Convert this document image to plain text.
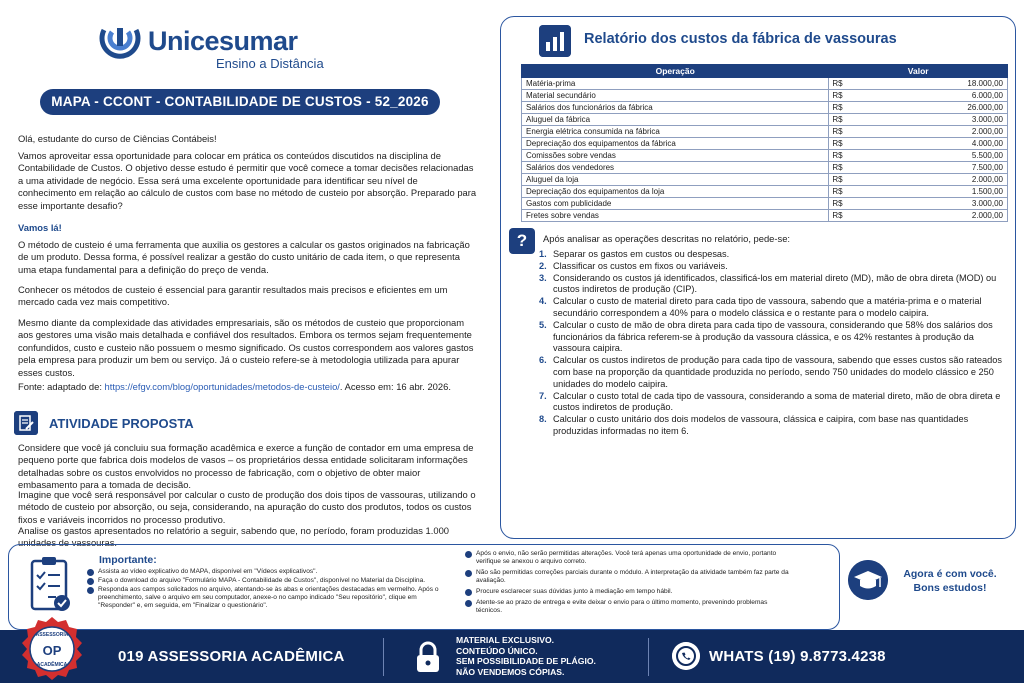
Unicesumar
Ensino a Distância
MAPA - CCONT - CONTABILIDADE DE CUSTOS - 52_2026
Olá, estudante do curso de Ciências Contábeis!
Vamos aproveitar essa oportunidade para colocar em prática os conteúdos discutidos na disciplina de Contabilidade de Custos. O objetivo desse estudo é permitir que você comece a tomar decisões relacionadas a uma atividade de negócio. Essa será uma excelente oportunidade para identificar seu nível de conhecimento em relação ao cálculo de custos com base no método de custeio por absorção. Preparado para esse importante desafio?
Vamos lá!
O método de custeio é uma ferramenta que auxilia os gestores a calcular os gastos originados na fabricação de um produto. Dessa forma, é possível realizar a gestão do custo unitário de cada item, o que representa uma etapa fundamental para a definição do preço de venda.
Conhecer os métodos de custeio é essencial para garantir resultados mais precisos e eficientes em um mercado cada vez mais competitivo.
Mesmo diante da complexidade das atividades empresariais, são os métodos de custeio que proporcionam aos gestores uma visão mais detalhada e confiável dos resultados. Embora os termos sejam frequentemente confundidos, custo e custeio não possuem o mesmo significado. Os custos correspondem aos valores gastos pela empresa para produzir um bem ou serviço. Já o custeio refere-se à metodologia utilizada para apurar esses custos.
Fonte: adaptado de: https://efgv.com/blog/oportunidades/metodos-de-custeio/. Acesso em: 16 abr. 2026.
ATIVIDADE PROPOSTA
Considere que você já concluiu sua formação acadêmica e exerce a função de contador em uma empresa de pequeno porte que fabrica dois modelos de vasos – os proprietários dessa entidade solicitaram informações detalhadas sobre os custos envolvidos no processo de fabricação, com o objetivo de obter maior embasamento para a tomada de decisão.
Imagine que você será responsável por calcular o custo de produção dos dois tipos de vassouras, utilizando o método de custeio por absorção, ou seja, considerando, na apuração do custo dos produtos, todos os custos fixos e variáveis incorridos no processo produtivo.
Analise os gastos apresentados no relatório a seguir, sabendo que, no período, foram produzidas 1.000 unidades de vassouras.
Relatório dos custos da fábrica de vassouras
Operação	Valor	
Matéria-prima	R$	18.000,00
Material secundário	R$	6.000,00
Salários dos funcionários da fábrica	R$	26.000,00
Aluguel da fábrica	R$	3.000,00
Energia elétrica consumida na fábrica	R$	2.000,00
Depreciação dos equipamentos da fábrica	R$	4.000,00
Comissões sobre vendas	R$	5.500,00
Salários dos vendedores	R$	7.500,00
Aluguel da loja	R$	2.000,00
Depreciação dos equipamentos da loja	R$	1.500,00
Gastos com publicidade	R$	3.000,00
Fretes sobre vendas	R$	2.000,00
?	Após analisar as operações descritas no relatório, pede-se:
1. Separar os gastos em custos ou despesas.
2. Classificar os custos em fixos ou variáveis.
3. Considerando os custos já identificados, classificá-los em material direto (MD), mão de obra direta (MOD) ou custos indiretos de produção (CIP).
4. Calcular o custo de material direto para cada tipo de vassoura, sabendo que a matéria-prima e o material secundário correspondem a 40% para o modelo clássica e o restante para o modelo caipira.
5. Calcular o custo de mão de obra direta para cada tipo de vassoura, considerando que 58% dos salários dos funcionários da fábrica referem-se à produção da vassoura clássica, e os 42% restantes à produção da vassoura caipira.
6. Calcular os custos indiretos de produção para cada tipo de vassoura, sabendo que esses custos são rateados com base na proporção da quantidade produzida no período, sendo 750 unidades do modelo clássico e 250 unidades do modelo caipira.
7. Calcular o custo total de cada tipo de vassoura, considerando a soma de material direto, mão de obra direta e custos indiretos de produção.
8. Calcular o custo unitário dos dois modelos de vassoura, clássica e caipira, com base nas quantidades produzidas informadas no item 6.
Importante:
Assista ao vídeo explicativo do MAPA, disponível em "Vídeos explicativos".
Faça o download do arquivo "Formulário MAPA - Contabilidade de Custos", disponível no Material da Disciplina.
Responda aos campos solicitados no arquivo, atentando-se às abas e orientações destacadas em vermelho. Após o preenchimento, salve o arquivo em seu computador, anexe-o no campo indicado "Seu repositório", clique em "Responder" e, em seguida, em "Finalizar o questionário".
Após o envio, não serão permitidas alterações. Você terá apenas uma oportunidade de envio, portanto verifique se anexou o arquivo correto.
Não são permitidas correções parciais durante o módulo. A interpretação da atividade também faz parte da avaliação.
Procure esclarecer suas dúvidas junto à mediação em tempo hábil.
Atente-se ao prazo de entrega e evite deixar o envio para o último momento, prevenindo problemas técnicos.
Agora é com você.
Bons estudos!
ASSESSORIA
OP
ACADÊMICA	019 ASSESSORIA ACADÊMICA
MATERIAL EXCLUSIVO.
CONTEÚDO ÚNICO.
SEM POSSIBILIDADE DE PLÁGIO.
NÃO VENDEMOS CÓPIAS.
WHATS (19) 9.8773.4238
